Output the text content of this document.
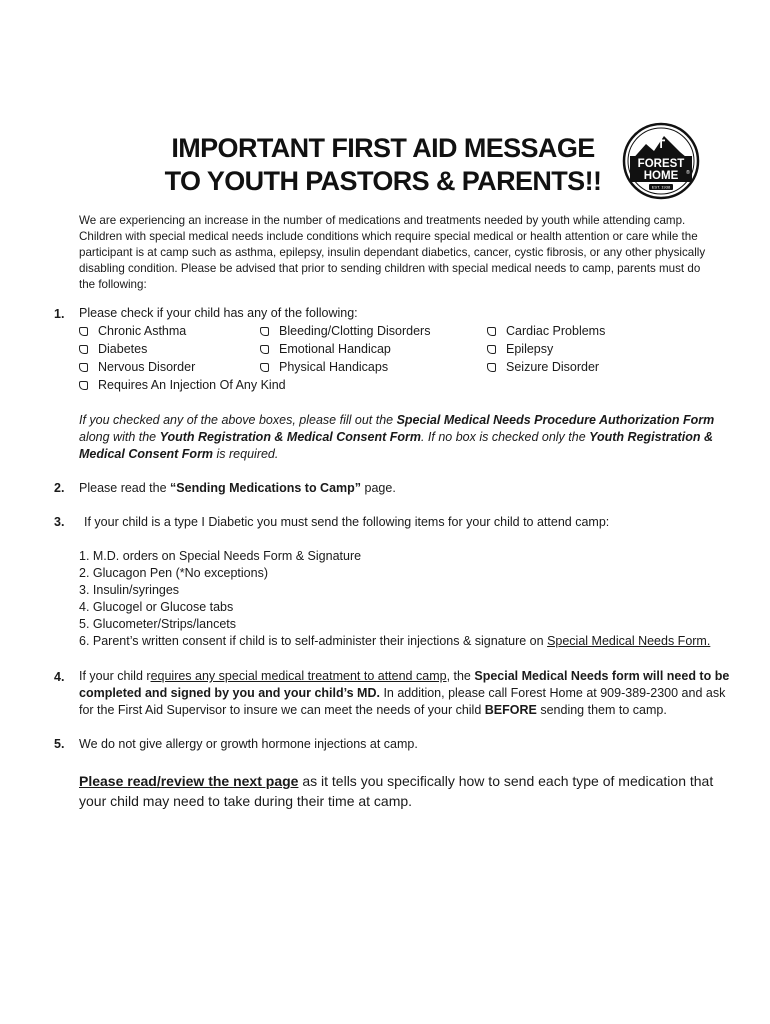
IMPORTANT FIRST AID MESSAGE
TO YOUTH PASTORS & PARENTS!!
FOREST
HOME ®
EST. 1938
We are experiencing an increase in the number of medications and treatments needed by youth while attending camp. Children with special medical needs include conditions which require special medical or health attention or care while the participant is at camp such as asthma, epilepsy, insulin dependant diabetics, cancer, cystic fibrosis, or any other physically disabling condition. Please be advised that prior to sending children with special medical needs to camp, parents must do the following:
1. Please check if your child has any of the following:
Chronic Asthma	Bleeding/Clotting Disorders	Cardiac Problems
Diabetes	Emotional Handicap	Epilepsy
Nervous Disorder	Physical Handicaps	Seizure Disorder
Requires An Injection Of Any Kind
If you checked any of the above boxes, please fill out the Special Medical Needs Procedure Authorization Form along with the Youth Registration & Medical Consent Form. If no box is checked only the Youth Registration & Medical Consent Form is required.
2. Please read the “Sending Medications to Camp” page.
3. If your child is a type I Diabetic you must send the following items for your child to attend camp:
1. M.D. orders on Special Needs Form & Signature
2. Glucagon Pen (*No exceptions)
3. Insulin/syringes
4. Glucogel or Glucose tabs
5. Glucometer/Strips/lancets
6. Parent’s written consent if child is to self-administer their injections & signature on Special Medical Needs Form.
4. If your child requires any special medical treatment to attend camp, the Special Medical Needs form will need to be completed and signed by you and your child’s MD. In addition, please call Forest Home at 909-389-2300 and ask for the First Aid Supervisor to insure we can meet the needs of your child BEFORE sending them to camp.
5. We do not give allergy or growth hormone injections at camp.
Please read/review the next page as it tells you specifically how to send each type of medication that your child may need to take during their time at camp.
